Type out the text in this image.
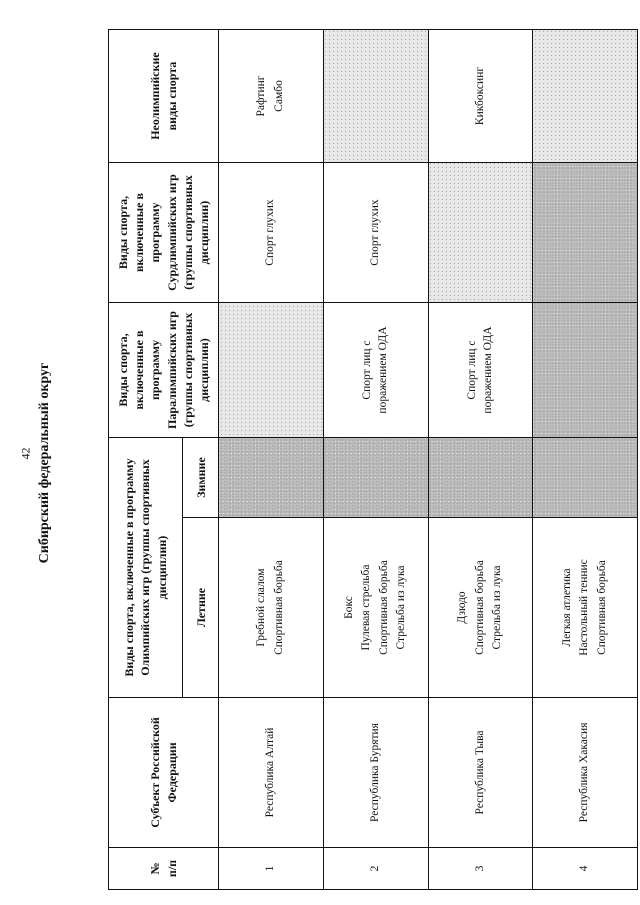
42 Сибирский федеральный округ
№ п/п	Субъект Российской Федерации	Виды спорта, включенные в программу Олимпийских игр (группы спортивных дисциплин)		Виды спорта, включенные в программу Паралимпийских игр (группы спортивных дисциплин)	Виды спорта, включенные в программу Сурдлимпийских игр (группы спортивных дисциплин)	Неолимпийские виды спорта
		Летние	Зимние			
1	Республика Алтай	Гребной слалом Спортивная борьба			Спорт глухих	Рафтинг Самбо

2	Республика Бурятия	Бокс Пулевая стрельба Спортивная борьба Стрельба из лука		Спорт лиц с поражением ОДА	Спорт глухих	

3	Республика Тыва	Дзюдо Спортивная борьба Стрельба из лука		Спорт лиц с поражением ОДА		Кикбоксинг

4	Республика Хакасия	Легкая атлетика Настольный теннис Спортивная борьба				
